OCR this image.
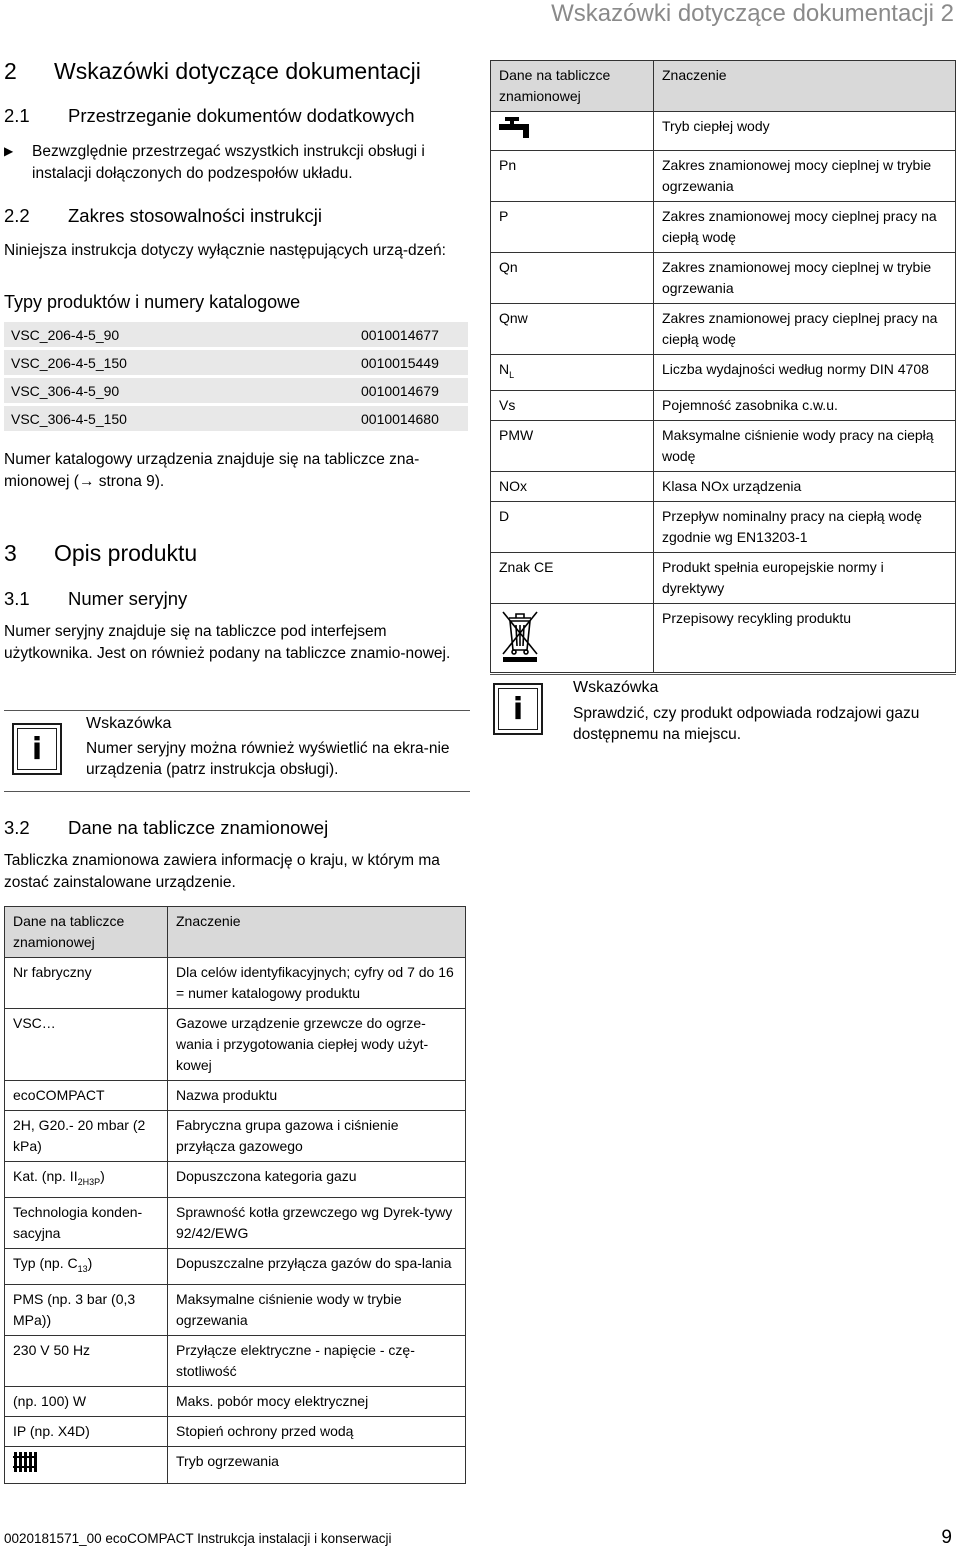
Wskazówki dotyczące dokumentacji 2
2 Wskazówki dotyczące dokumentacji
2.1 Przestrzeganie dokumentów dodatkowych
▶ Bezwzględnie przestrzegać wszystkich instrukcji obsługi i instalacji dołączonych do podzespołów układu.
2.2 Zakres stosowalności instrukcji
Niniejsza instrukcja dotyczy wyłącznie następujących urzą-dzeń:
Typy produktów i numery katalogowe
VSC_206-4-5_90	0010014677
VSC_206-4-5_150	0010015449
VSC_306-4-5_90	0010014679
VSC_306-4-5_150	0010014680
Numer katalogowy urządzenia znajduje się na tabliczce zna-mionowej (→ strona 9).
3 Opis produktu
3.1 Numer seryjny
Numer seryjny znajduje się na tabliczce pod interfejsem użytkownika. Jest on również podany na tabliczce znamio-nowej.
i
Wskazówka
Numer seryjny można również wyświetlić na ekra-nie urządzenia (patrz instrukcja obsługi).
3.2 Dane na tabliczce znamionowej
Tabliczka znamionowa zawiera informację o kraju, w którym ma zostać zainstalowane urządzenie.
Dane na tabliczce znamionowej	Znaczenie
Nr fabryczny	Dla celów identyfikacyjnych; cyfry od 7 do 16 = numer katalogowy produktu
VSC…	Gazowe urządzenie grzewcze do ogrze-wania i przygotowania ciepłej wody użyt-kowej
ecoCOMPACT	Nazwa produktu
2H, G20.- 20 mbar (2 kPa)	Fabryczna grupa gazowa i ciśnienie przyłącza gazowego
Kat. (np. $II_{2H3P}$)	Dopuszczona kategoria gazu
Technologia konden-sacyjna	Sprawność kotła grzewczego wg Dyrek-tywy 92/42/EWG
Typ (np. $C_{13}$)	Dopuszczalne przyłącza gazów do spa-lania
PMS (np. 3 bar (0,3 MPa))	Maksymalne ciśnienie wody w trybie ogrzewania
230 V 50 Hz	Przyłącze elektryczne - napięcie - czę-stotliwość
(np. 100) W	Maks. pobór mocy elektrycznej
IP (np. X4D)	Stopień ochrony przed wodą
	Tryb ogrzewania
Dane na tabliczce znamionowej	Znaczenie
	Tryb ciepłej wody
Pn	Zakres znamionowej mocy cieplnej w trybie ogrzewania
P	Zakres znamionowej mocy cieplnej pracy na ciepłą wodę
Qn	Zakres znamionowej mocy cieplnej w trybie ogrzewania
Qnw	Zakres znamionowej pracy cieplnej pracy na ciepłą wodę
$N_L$	Liczba wydajności według normy DIN 4708
Vs	Pojemność zasobnika c.w.u.
PMW	Maksymalne ciśnienie wody pracy na ciepłą wodę
NOx	Klasa NOx urządzenia
D	Przepływ nominalny pracy na ciepłą wodę zgodnie wg EN13203-1
Znak CE	Produkt spełnia europejskie normy i dyrektywy
	Przepisowy recykling produktu
i
Wskazówka
Sprawdzić, czy produkt odpowiada rodzajowi gazu dostępnemu na miejscu.
0020181571_00 ecoCOMPACT Instrukcja instalacji i konserwacji	9
